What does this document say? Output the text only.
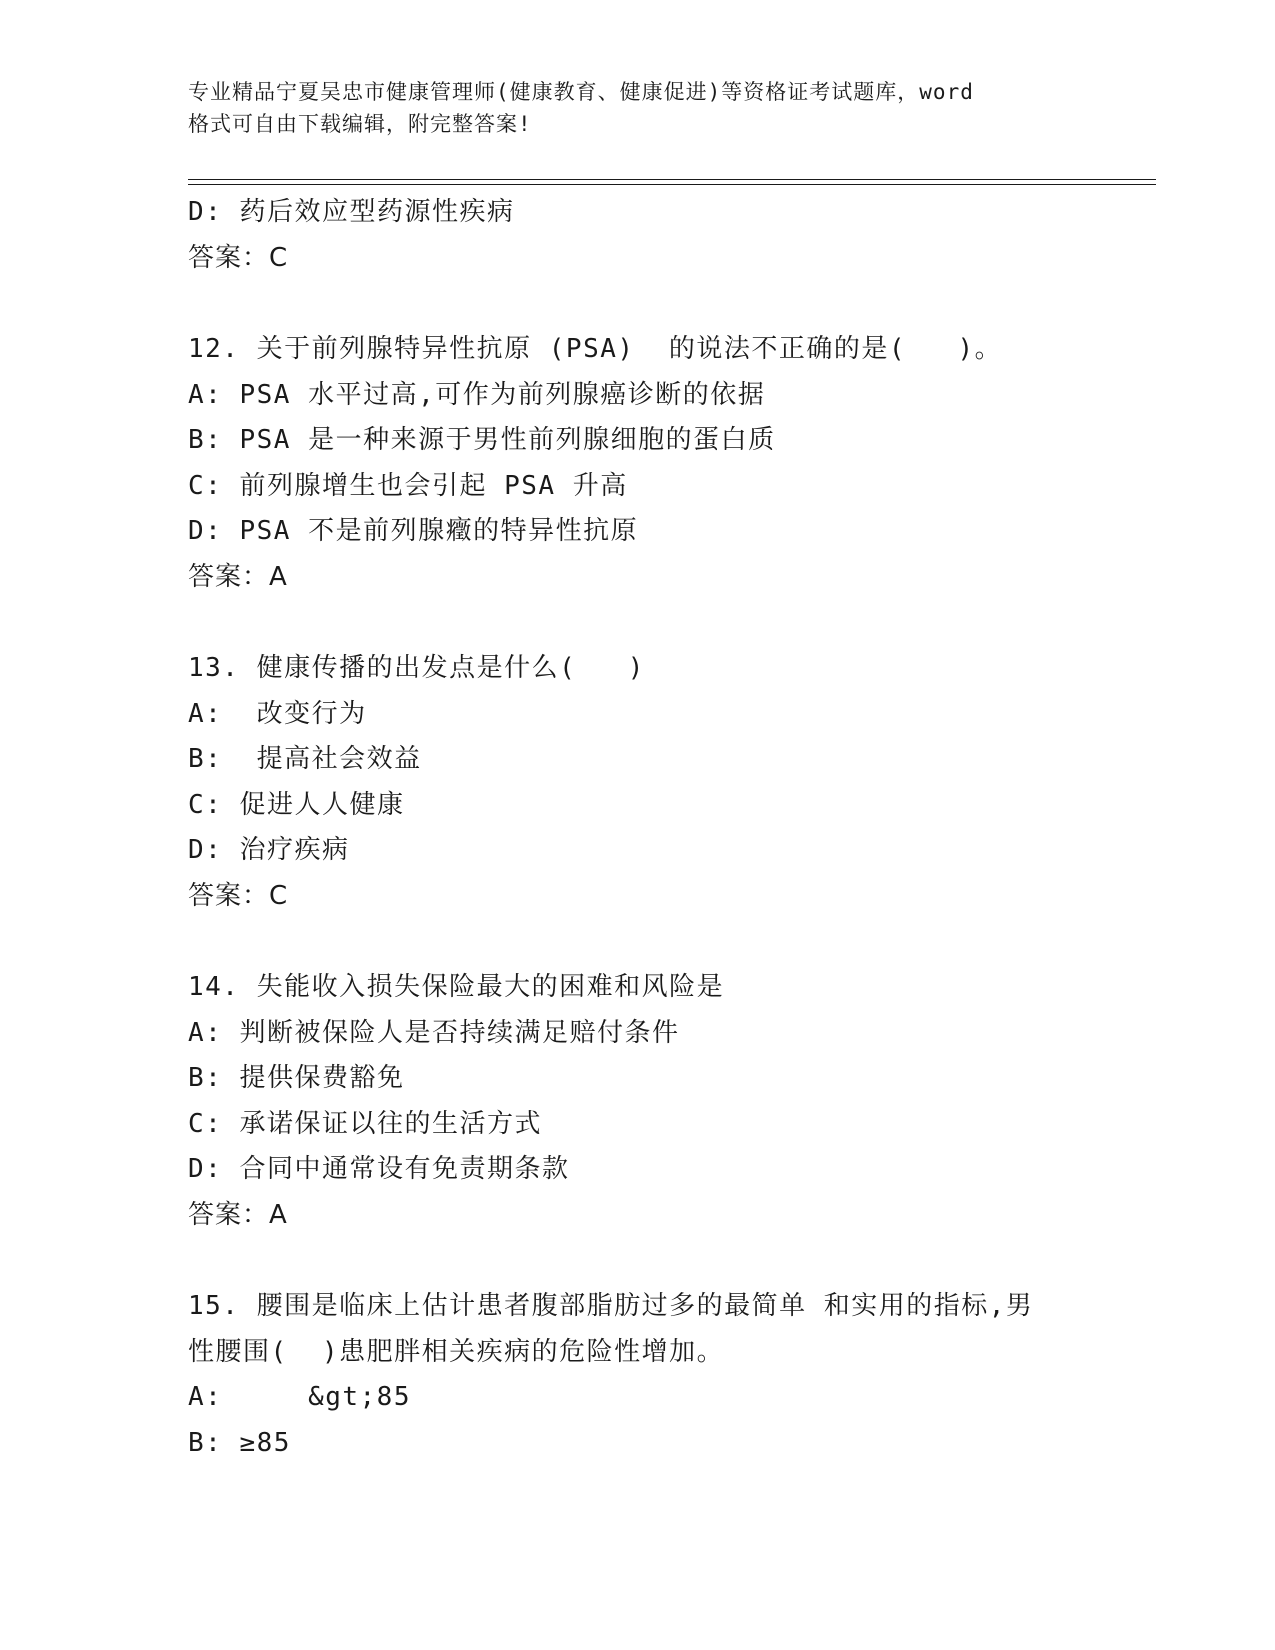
专业精品宁夏吴忠市健康管理师(健康教育、健康促进)等资格证考试题库，word
格式可自由下载编辑，附完整答案!
D: 药后效应型药源性疾病
答案：C
12. 关于前列腺特异性抗原 (PSA)  的说法不正确的是(   )。
A: PSA 水平过高,可作为前列腺癌诊断的依据
B: PSA 是一种来源于男性前列腺细胞的蛋白质
C: 前列腺增生也会引起 PSA 升高
D: PSA 不是前列腺癥的特异性抗原
答案：A
13. 健康传播的出发点是什么(   )
A:  改变行为
B:  提高社会效益
C: 促进人人健康
D: 治疗疾病
答案：C
14. 失能收入损失保险最大的困难和风险是
A: 判断被保险人是否持续满足赔付条件
B: 提供保费豁免
C: 承诺保证以往的生活方式
D: 合同中通常设有免责期条款
答案：A
15. 腰围是临床上估计患者腹部脂肪过多的最简单 和实用的指标,男
性腰围(  )患肥胖相关疾病的危险性增加。
A:     &gt;85
B: ≥85
